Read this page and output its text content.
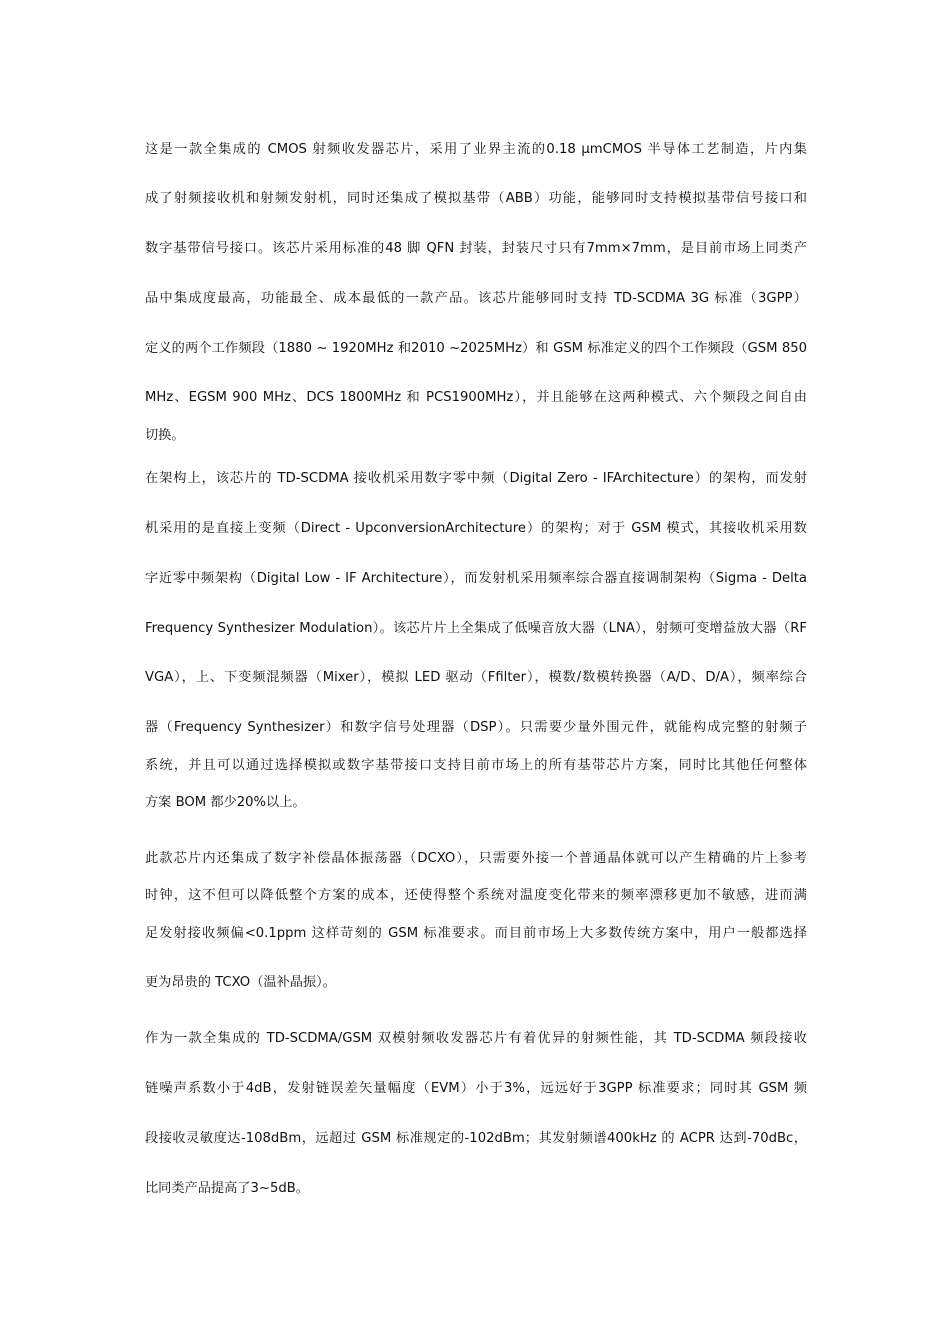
这是一款全集成的 CMOS 射频收发器芯片，采用了业界主流的0.18 μmCMOS 半导体工艺制造，片内集
成了射频接收机和射频发射机，同时还集成了模拟基带（ABB）功能，能够同时支持模拟基带信号接口和
数字基带信号接口。该芯片采用标准的48 脚 QFN 封装，封装尺寸只有7mm×7mm，是目前市场上同类产
品中集成度最高，功能最全、成本最低的一款产品。该芯片能够同时支持 TD-SCDMA 3G 标准（3GPP）
定义的两个工作频段（1880 ~ 1920MHz 和2010 ~2025MHz）和 GSM 标准定义的四个工作频段（GSM 850
MHz、EGSM 900 MHz、DCS 1800MHz 和 PCS1900MHz），并且能够在这两种模式、六个频段之间自由
切换。
在架构上，该芯片的 TD-SCDMA 接收机采用数字零中频（Digital Zero - IFArchitecture）的架构，而发射
机采用的是直接上变频（Direct - UpconversionArchitecture）的架构；对于 GSM 模式，其接收机采用数
字近零中频架构（Digital Low - IF Architecture），而发射机采用频率综合器直接调制架构（Sigma - Delta
Frequency Synthesizer Modulation）。该芯片片上全集成了低噪音放大器（LNA），射频可变增益放大器（RF
VGA），上、下变频混频器（Mixer），模拟 LED 驱动（Ffilter），模数/数模转换器（A/D、D/A），频率综合
器（Frequency Synthesizer）和数字信号处理器（DSP）。只需要少量外围元件，就能构成完整的射频子
系统，并且可以通过选择模拟或数字基带接口支持目前市场上的所有基带芯片方案，同时比其他任何整体
方案 BOM 都少20%以上。
此款芯片内还集成了数字补偿晶体振荡器（DCXO），只需要外接一个普通晶体就可以产生精确的片上参考
时钟，这不但可以降低整个方案的成本，还使得整个系统对温度变化带来的频率漂移更加不敏感，进而满
足发射接收频偏<0.1ppm 这样苛刻的 GSM 标准要求。而目前市场上大多数传统方案中，用户一般都选择
更为昂贵的 TCXO（温补晶振）。
作为一款全集成的 TD-SCDMA/GSM 双模射频收发器芯片有着优异的射频性能，其 TD-SCDMA 频段接收
链噪声系数小于4dB，发射链误差矢量幅度（EVM）小于3%，远远好于3GPP 标准要求；同时其 GSM 频
段接收灵敏度达-108dBm，远超过 GSM 标准规定的-102dBm；其发射频谱400kHz 的 ACPR 达到-70dBc，
比同类产品提高了3~5dB。
